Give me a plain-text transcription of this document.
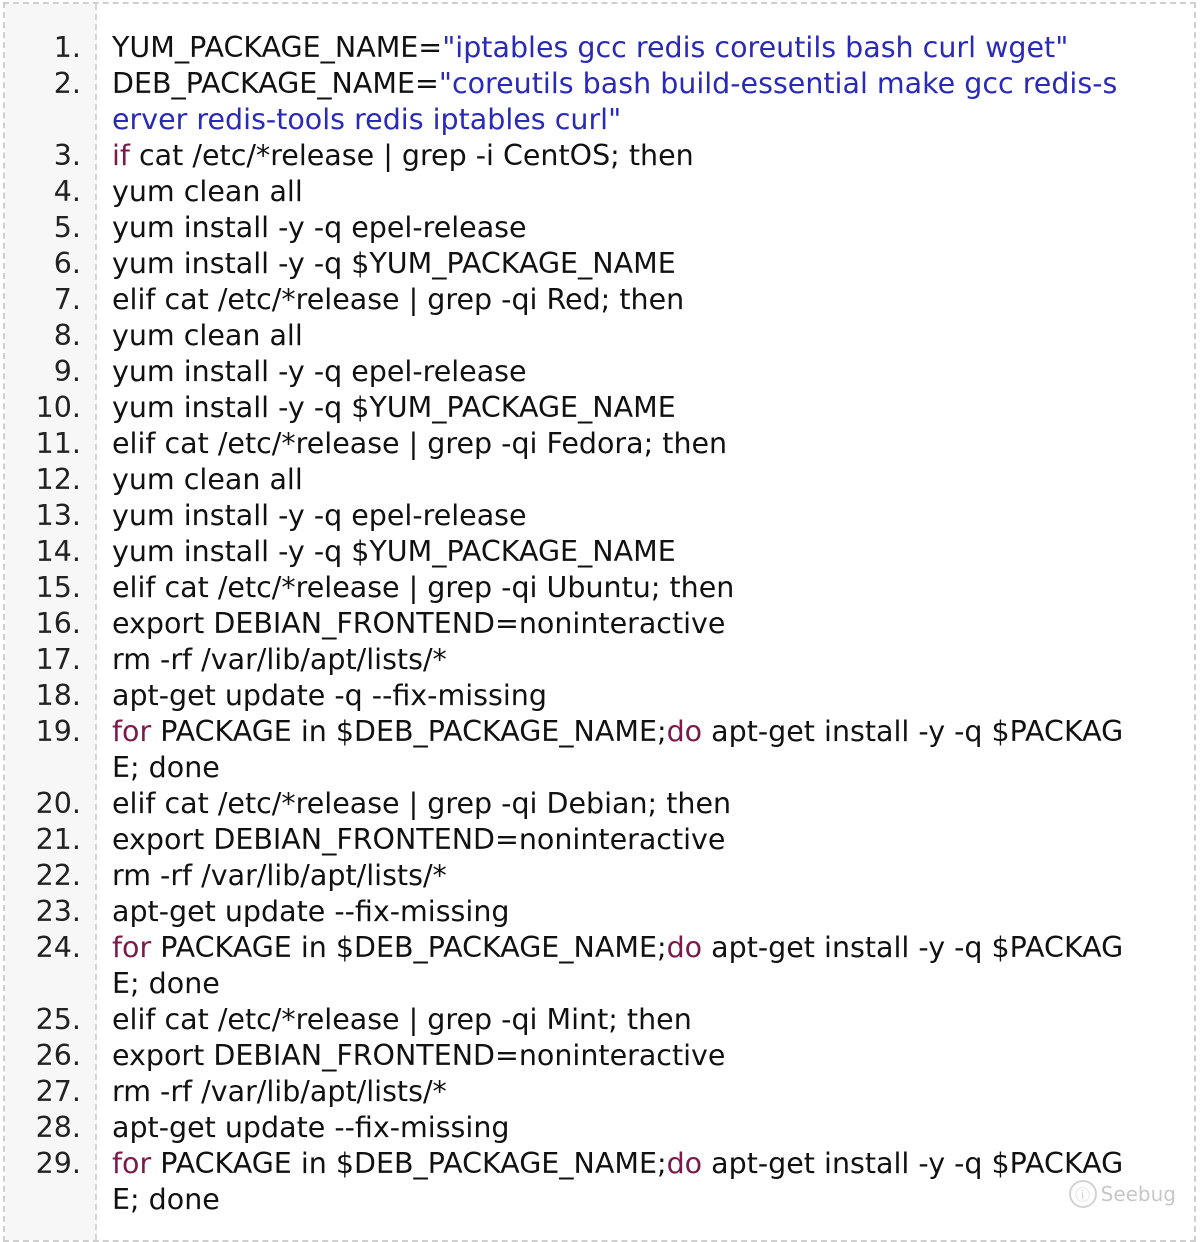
1. YUM_PACKAGE_NAME="iptables gcc redis coreutils bash curl wget"
2. DEB_PACKAGE_NAME="coreutils bash build-essential make gcc redis-server redis-tools redis iptables curl"
3. if cat /etc/*release | grep -i CentOS; then
4. yum clean all
5. yum install -y -q epel-release
6. yum install -y -q $YUM_PACKAGE_NAME
7. elif cat /etc/*release | grep -qi Red; then
8. yum clean all
9. yum install -y -q epel-release
10. yum install -y -q $YUM_PACKAGE_NAME
11. elif cat /etc/*release | grep -qi Fedora; then
12. yum clean all
13. yum install -y -q epel-release
14. yum install -y -q $YUM_PACKAGE_NAME
15. elif cat /etc/*release | grep -qi Ubuntu; then
16. export DEBIAN_FRONTEND=noninteractive
17. rm -rf /var/lib/apt/lists/*
18. apt-get update -q --fix-missing
19. for PACKAGE in $DEB_PACKAGE_NAME;do apt-get install -y -q $PACKAGE; done
20. elif cat /etc/*release | grep -qi Debian; then
21. export DEBIAN_FRONTEND=noninteractive
22. rm -rf /var/lib/apt/lists/*
23. apt-get update --fix-missing
24. for PACKAGE in $DEB_PACKAGE_NAME;do apt-get install -y -q $PACKAGE; done
25. elif cat /etc/*release | grep -qi Mint; then
26. export DEBIAN_FRONTEND=noninteractive
27. rm -rf /var/lib/apt/lists/*
28. apt-get update --fix-missing
29. for PACKAGE in $DEB_PACKAGE_NAME;do apt-get install -y -q $PACKAGE; done
ⓘ Seebug
